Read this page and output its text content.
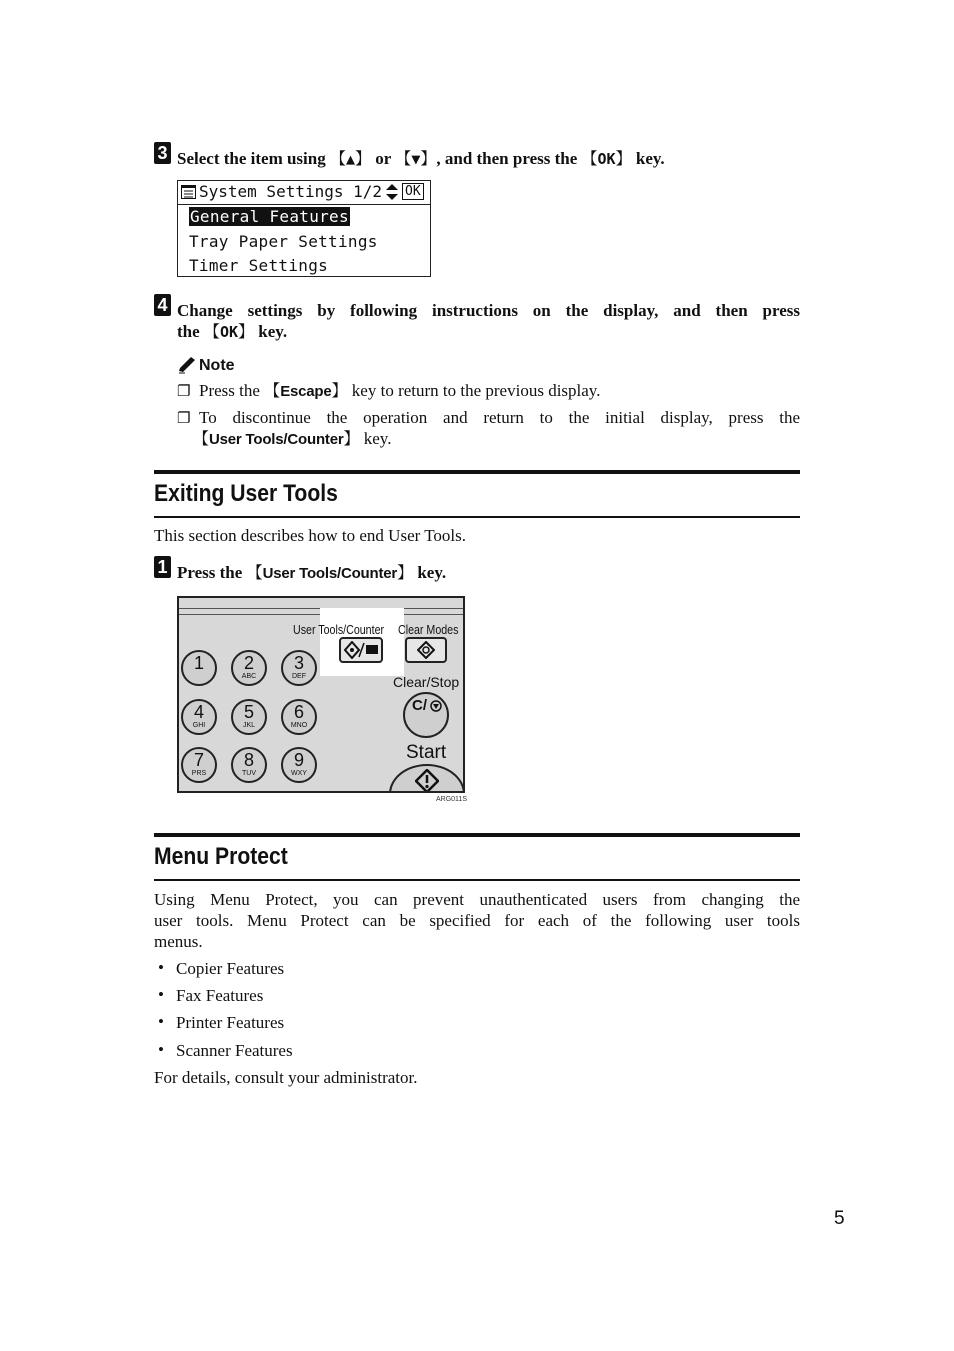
3 Select the item using 【▲】 or 【▼】, and then press the 【OK】 key.
System Settings 1/2 OK
General Features
Tray Paper Settings
Timer Settings
4 Change settings by following instructions on the display, and then press
the 【OK】 key.
Note
❐ Press the 【Escape】 key to return to the previous display.
❐ To discontinue the operation and return to the initial display, press the
【User Tools/Counter】 key.
Exiting User Tools
This section describes how to end User Tools.
1 Press the 【User Tools/Counter】 key.
User Tools/Counter Clear Modes
Clear/Stop
C/
Start
1	2
ABC
3
DEF
4
GHI
5
JKL
6
MNO
7
PRS
8
TUV
9
WXY
ARG011S
Menu Protect
Using Menu Protect, you can prevent unauthenticated users from changing the
user tools. Menu Protect can be specified for each of the following user tools
menus.
• Copier Features
• Fax Features
• Printer Features
• Scanner Features
For details, consult your administrator.
5
